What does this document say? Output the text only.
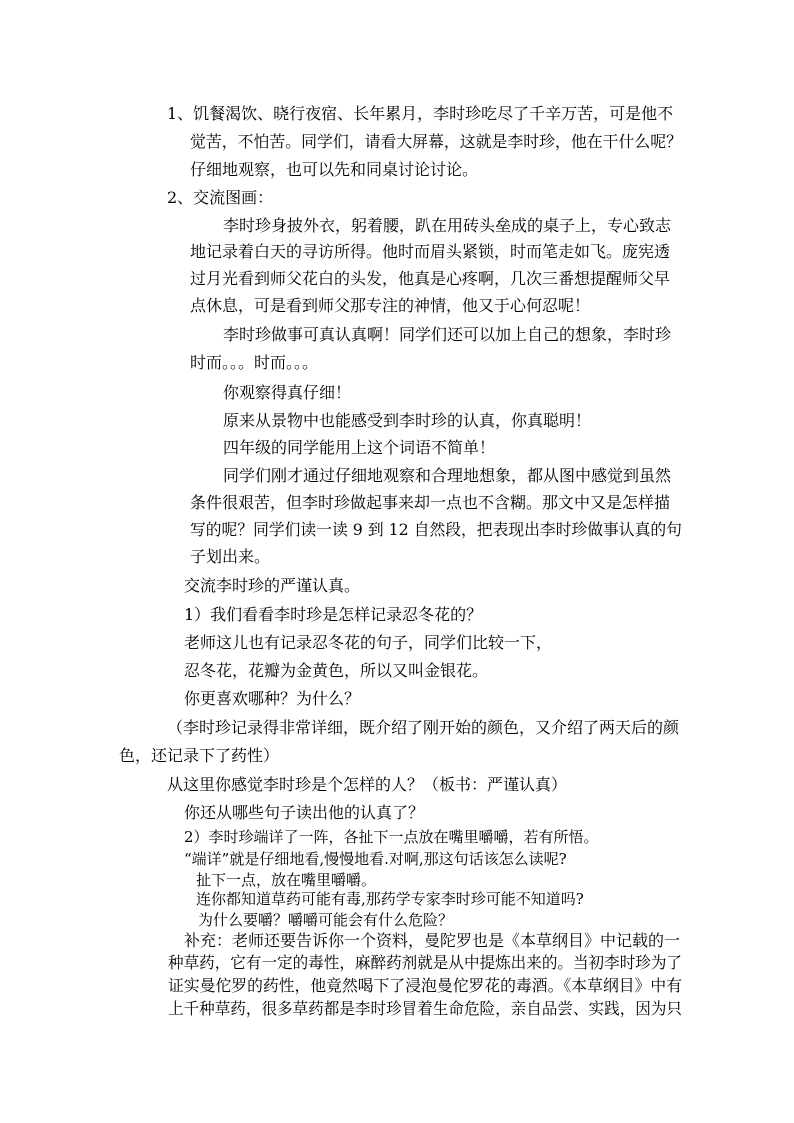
1、饥餐渴饮、晓行夜宿、长年累月，李时珍吃尽了千辛万苦，可是他不
觉苦，不怕苦。同学们，请看大屏幕，这就是李时珍，他在干什么呢？
仔细地观察，也可以先和同桌讨论讨论。
2、交流图画：
李时珍身披外衣，躬着腰，趴在用砖头垒成的桌子上，专心致志
地记录着白天的寻访所得。他时而眉头紧锁，时而笔走如飞。庞宪透
过月光看到师父花白的头发，他真是心疼啊，几次三番想提醒师父早
点休息，可是看到师父那专注的神情，他又于心何忍呢！
李时珍做事可真认真啊！同学们还可以加上自己的想象，李时珍
时而。。。时而。。。
你观察得真仔细！
原来从景物中也能感受到李时珍的认真，你真聪明！
四年级的同学能用上这个词语不简单！
同学们刚才通过仔细地观察和合理地想象，都从图中感觉到虽然
条件很艰苦，但李时珍做起事来却一点也不含糊。那文中又是怎样描
写的呢？同学们读一读 9 到 12 自然段，把表现出李时珍做事认真的句
子划出来。
交流李时珍的严谨认真。
1）我们看看李时珍是怎样记录忍冬花的？
老师这儿也有记录忍冬花的句子，同学们比较一下，
忍冬花，花瓣为金黄色，所以又叫金银花。
你更喜欢哪种？为什么？
（李时珍记录得非常详细，既介绍了刚开始的颜色，又介绍了两天后的颜
色，还记录下了药性）
从这里你感觉李时珍是个怎样的人？（板书：严谨认真）
你还从哪些句子读出他的认真了？
2）李时珍端详了一阵，各扯下一点放在嘴里嚼嚼，若有所悟。
“端详”就是仔细地看,慢慢地看.对啊,那这句话该怎么读呢?
扯下一点，放在嘴里嚼嚼。
连你都知道草药可能有毒,那药学专家李时珍可能不知道吗?
为什么要嚼？嚼嚼可能会有什么危险？
补充：老师还要告诉你一个资料，曼陀罗也是《本草纲目》中记载的一
种草药，它有一定的毒性，麻醉药剂就是从中提炼出来的。当初李时珍为了
证实曼佗罗的药性，他竟然喝下了浸泡曼佗罗花的毒酒。《本草纲目》中有
上千种草药，很多草药都是李时珍冒着生命危险，亲自品尝、实践，因为只
